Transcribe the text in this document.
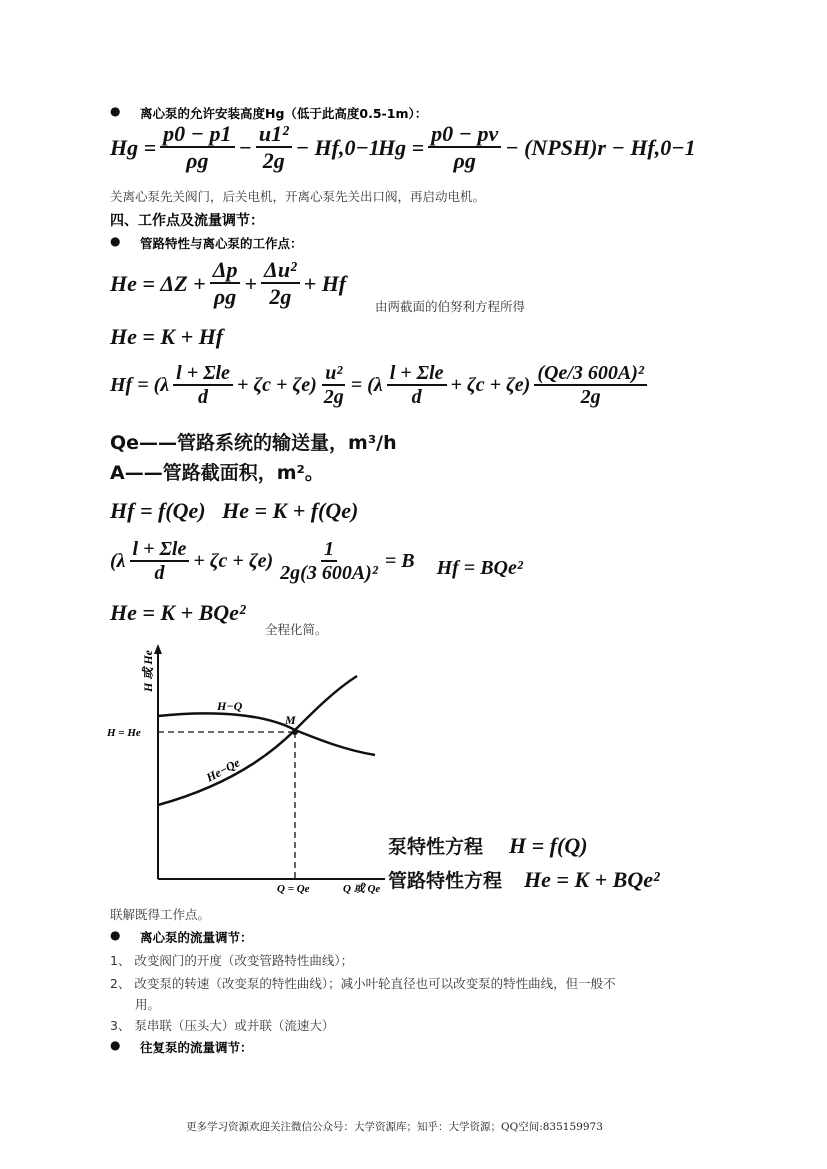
● 离心泵的允许安装高度Hg（低于此高度0.5-1m）：
$Hg = \frac{p0 - p1}{\rho g} - \frac{\text{u1²}}{2g} - Hf,0-1$
$Hg = \frac{p0 - pv}{\rho g}$ − (NPSH)r − Hf,0−1
关离心泵先关阀门，后关电机，开离心泵先关出口阀，再启动电机。
四、工作点及流量调节：
● 管路特性与离心泵的工作点：
$He = \Delta Z + \frac{\Delta p}{\rho g} + \frac{\text{Δu²}}{2g} + Hf$
由两截面的伯努利方程所得
He = K + Hf
$Hf = (\lambda \frac{\text{l + Σle}}{d} + \zeta c + \zeta e) \frac{\text{u²}}{2g} = (\lambda \frac{\text{l + Σle}}{d} + \zeta c + \zeta e) \frac{\text{(Qe/3 600A)²}}{2g}$
Qe——管路系统的输送量，m³/h
A——管路截面积，m²。
Hf = f(Qe)   He = K + f(Qe)
$(\lambda \frac{\text{l + Σle}}{d} + \zeta c + \zeta e) \frac{1}{\text{2g(3 600A)²}} = B$ Hf = BQe²
He = K + BQe²
全程化简。
H 或 He
H = He
Q = Qe	Q 或 Qe
H−Q
He−Qe
M
泵特性方程 H = f(Q)
管路特性方程 He = K + BQe²
联解既得工作点。
● 离心泵的流量调节：
1、 改变阀门的开度（改变管路特性曲线）；
2、 改变泵的转速（改变泵的特性曲线）；减小叶轮直径也可以改变泵的特性曲线，但一般不
用。
3、 泵串联（压头大）或并联（流速大）
● 往复泵的流量调节：
更多学习资源欢迎关注微信公众号：大学资源库；知乎：大学资源；QQ空间:835159973
